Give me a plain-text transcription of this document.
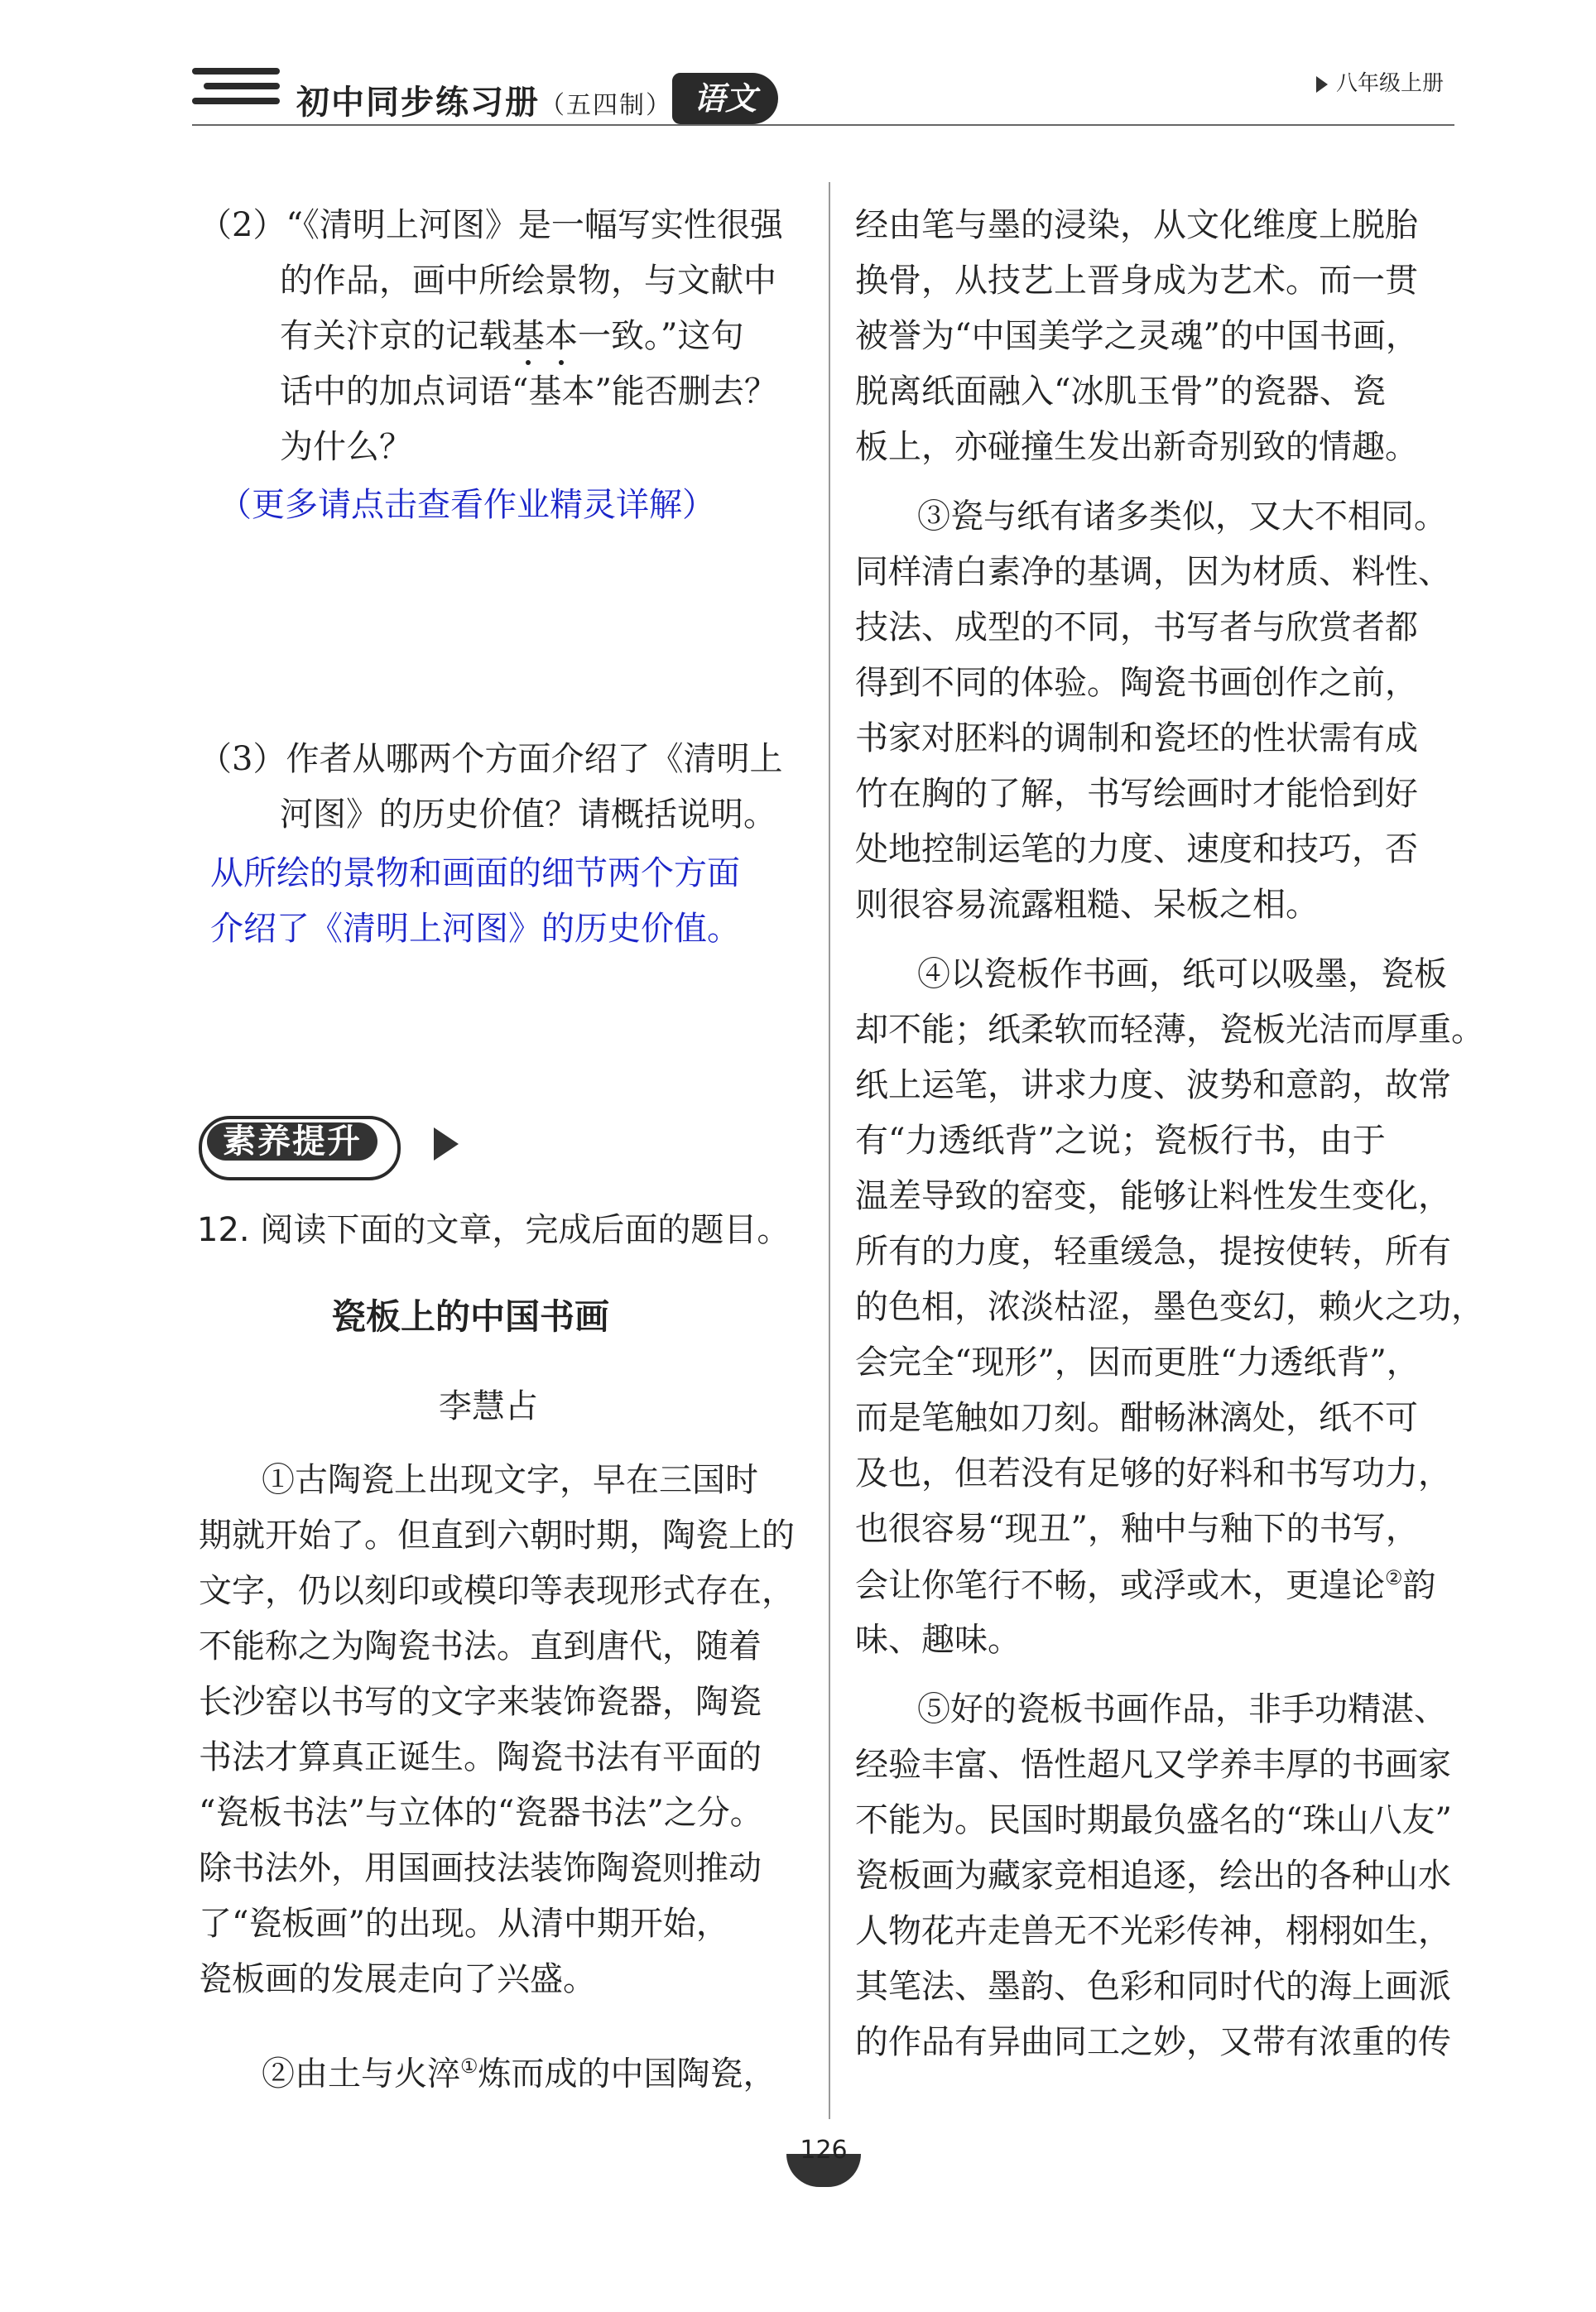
初中同步练习册（五四制） 语文	八年级上册
（2）“《清明上河图》是一幅写实性很强
的作品，画中所绘景物，与文献中
有关汴京的记载基本一致。”这句
话中的加点词语“基本”能否删去？
为什么？
（更多请点击查看作业精灵详解）
（3）作者从哪两个方面介绍了《清明上
河图》的历史价值？请概括说明。
从所绘的景物和画面的细节两个方面
介绍了《清明上河图》的历史价值。
素养提升
12. 阅读下面的文章，完成后面的题目。
瓷板上的中国书画
李慧占
①古陶瓷上出现文字，早在三国时
期就开始了。但直到六朝时期，陶瓷上的
文字，仍以刻印或模印等表现形式存在，
不能称之为陶瓷书法。直到唐代，随着
长沙窑以书写的文字来装饰瓷器，陶瓷
书法才算真正诞生。陶瓷书法有平面的
“瓷板书法”与立体的“瓷器书法”之分。
除书法外，用国画技法装饰陶瓷则推动
了“瓷板画”的出现。从清中期开始，
瓷板画的发展走向了兴盛。
②由土与火淬①炼而成的中国陶瓷，
经由笔与墨的浸染，从文化维度上脱胎
换骨，从技艺上晋身成为艺术。而一贯
被誉为“中国美学之灵魂”的中国书画，
脱离纸面融入“冰肌玉骨”的瓷器、瓷
板上，亦碰撞生发出新奇别致的情趣。
③瓷与纸有诸多类似，又大不相同。
同样清白素净的基调，因为材质、料性、
技法、成型的不同，书写者与欣赏者都
得到不同的体验。陶瓷书画创作之前，
书家对胚料的调制和瓷坯的性状需有成
竹在胸的了解，书写绘画时才能恰到好
处地控制运笔的力度、速度和技巧，否
则很容易流露粗糙、呆板之相。
④以瓷板作书画，纸可以吸墨，瓷板
却不能；纸柔软而轻薄，瓷板光洁而厚重。
纸上运笔，讲求力度、波势和意韵，故常
有“力透纸背”之说；瓷板行书，由于
温差导致的窑变，能够让料性发生变化，
所有的力度，轻重缓急，提按使转，所有
的色相，浓淡枯涩，墨色变幻，赖火之功，
会完全“现形”，因而更胜“力透纸背”，
而是笔触如刀刻。酣畅淋漓处，纸不可
及也，但若没有足够的好料和书写功力，
也很容易“现丑”，釉中与釉下的书写，
会让你笔行不畅，或浮或木，更遑论②韵
味、趣味。
⑤好的瓷板书画作品，非手功精湛、
经验丰富、悟性超凡又学养丰厚的书画家
不能为。民国时期最负盛名的“珠山八友”
瓷板画为藏家竞相追逐，绘出的各种山水
人物花卉走兽无不光彩传神，栩栩如生，
其笔法、墨韵、色彩和同时代的海上画派
的作品有异曲同工之妙，又带有浓重的传
126
